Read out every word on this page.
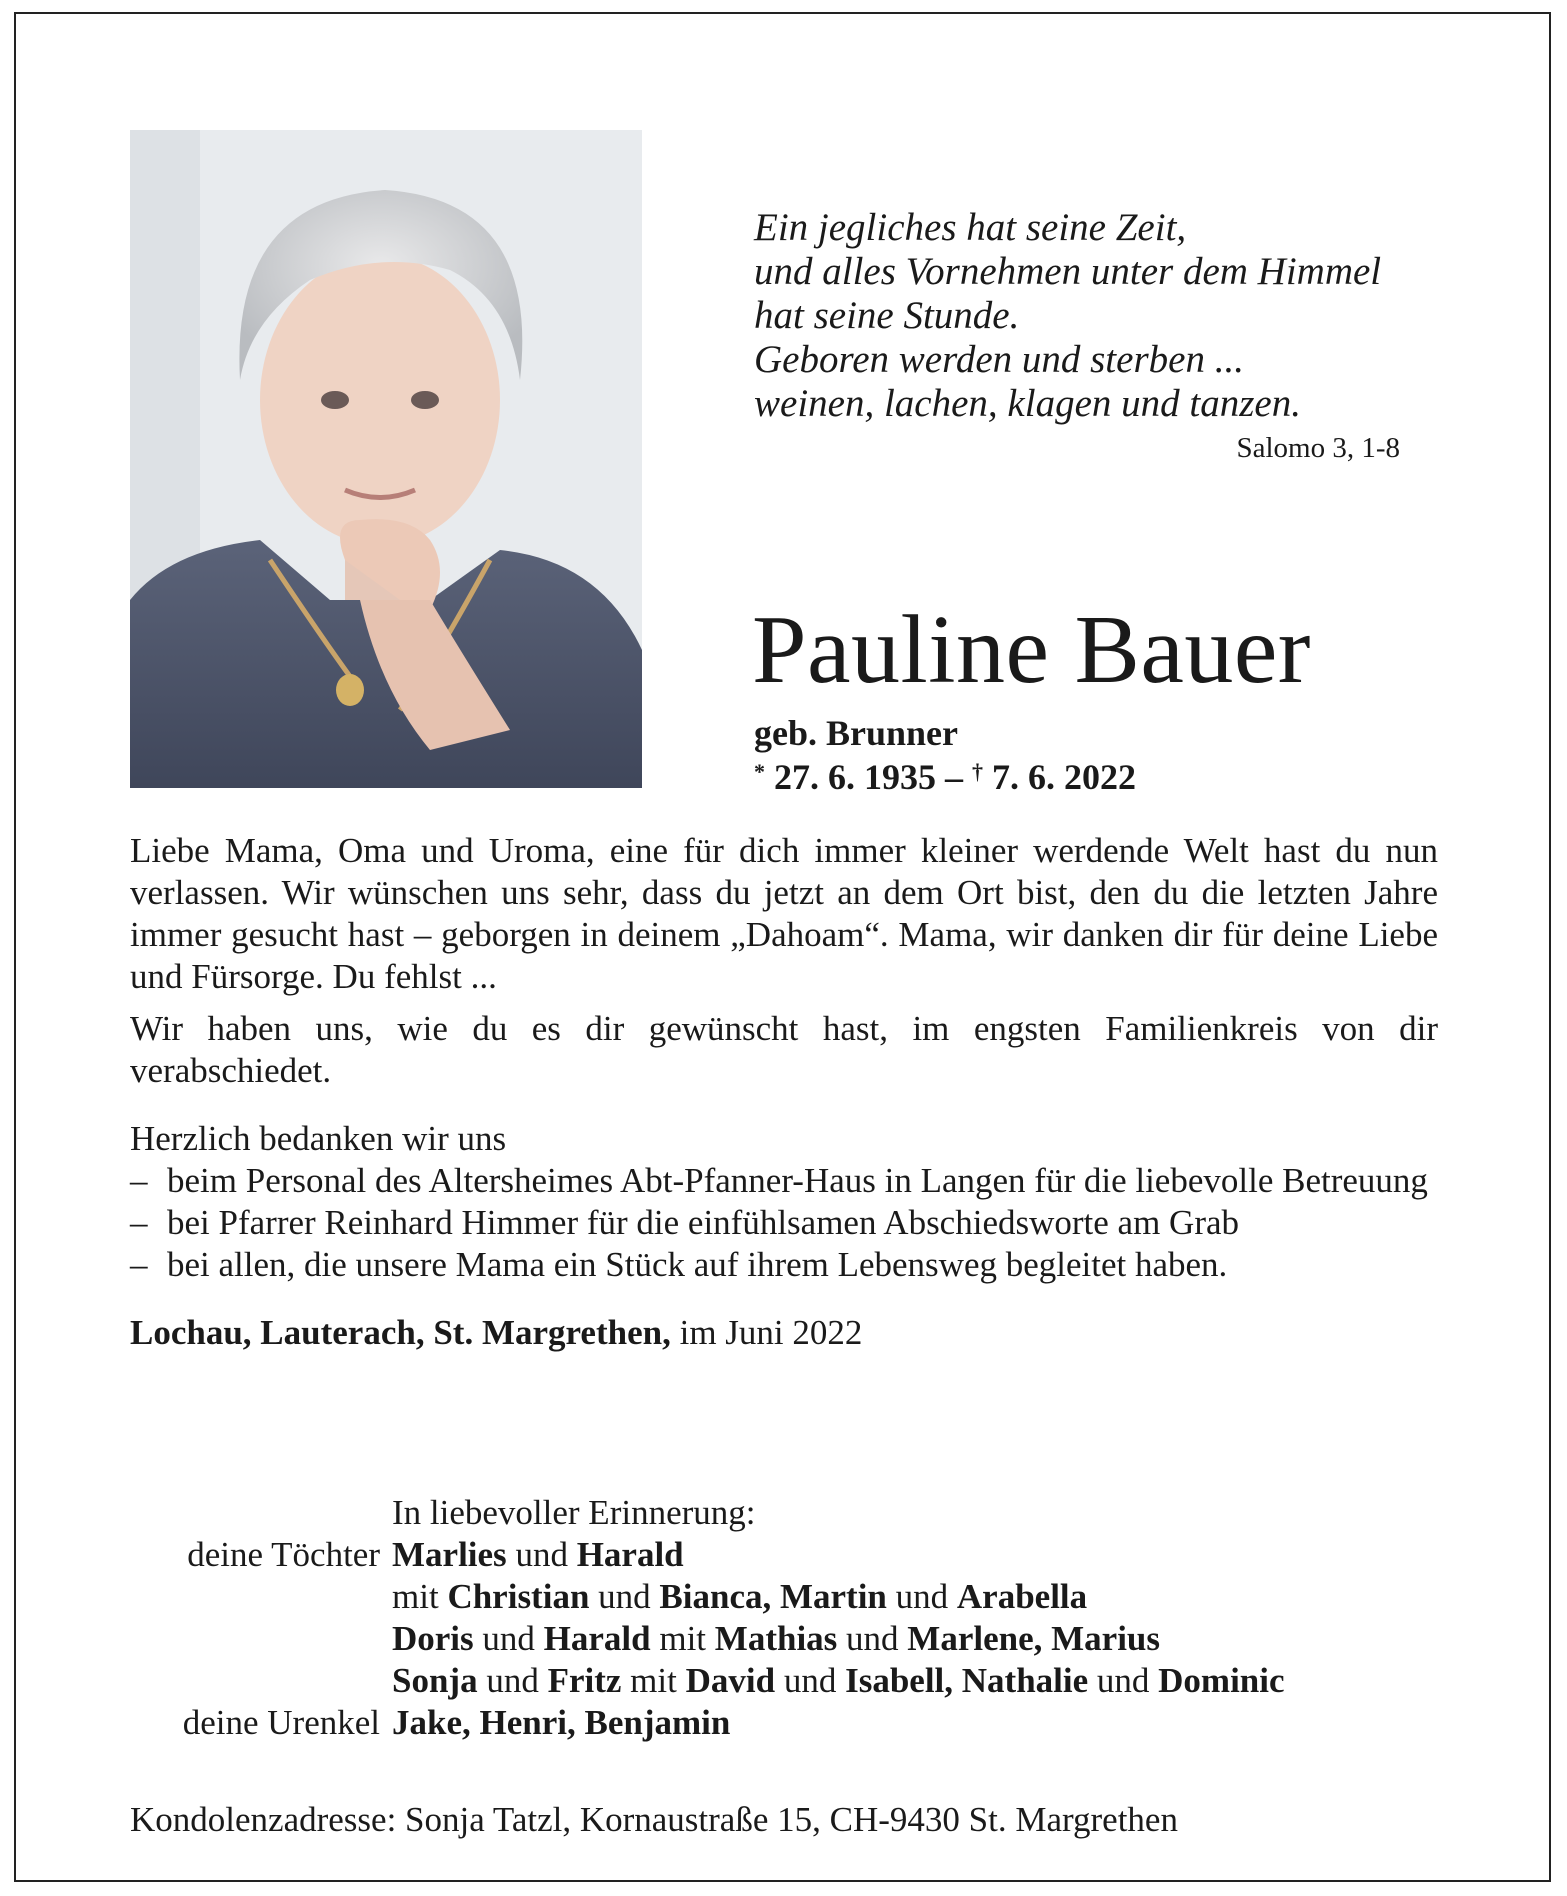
Ein jegliches hat seine Zeit,
und alles Vornehmen unter dem Himmel
hat seine Stunde.
Geboren werden und sterben ...
weinen, lachen, klagen und tanzen.
Salomo 3, 1-8
Pauline Bauer
geb. Brunner
* 27. 6. 1935 – † 7. 6. 2022

Liebe Mama, Oma und Uroma, eine für dich immer kleiner werdende Welt hast du nun verlassen. Wir wünschen uns sehr, dass du jetzt an dem Ort bist, den du die letzten Jahre immer gesucht hast – geborgen in deinem „Dahoam“. Mama, wir danken dir für deine Liebe und Fürsorge. Du fehlst ...

Wir haben uns, wie du es dir gewünscht hast, im engsten Familienkreis von dir verabschiedet.

Herzlich bedanken wir uns

– beim Personal des Altersheimes Abt-Pfanner-Haus in Langen für die liebevolle Betreuung
– bei Pfarrer Reinhard Himmer für die einfühlsamen Abschiedsworte am Grab
– bei allen, die unsere Mama ein Stück auf ihrem Lebensweg begleitet haben.

Lochau, Lauterach, St. Margrethen, im Juni 2022

In liebevoller Erinnerung:
deine Töchter Marlies und Harald
mit Christian und Bianca, Martin und Arabella
Doris und Harald mit Mathias und Marlene, Marius
Sonja und Fritz mit David und Isabell, Nathalie und Dominic
deine Urenkel Jake, Henri, Benjamin
Kondolenzadresse: Sonja Tatzl, Kornaustraße 15, CH-9430 St. Margrethen
